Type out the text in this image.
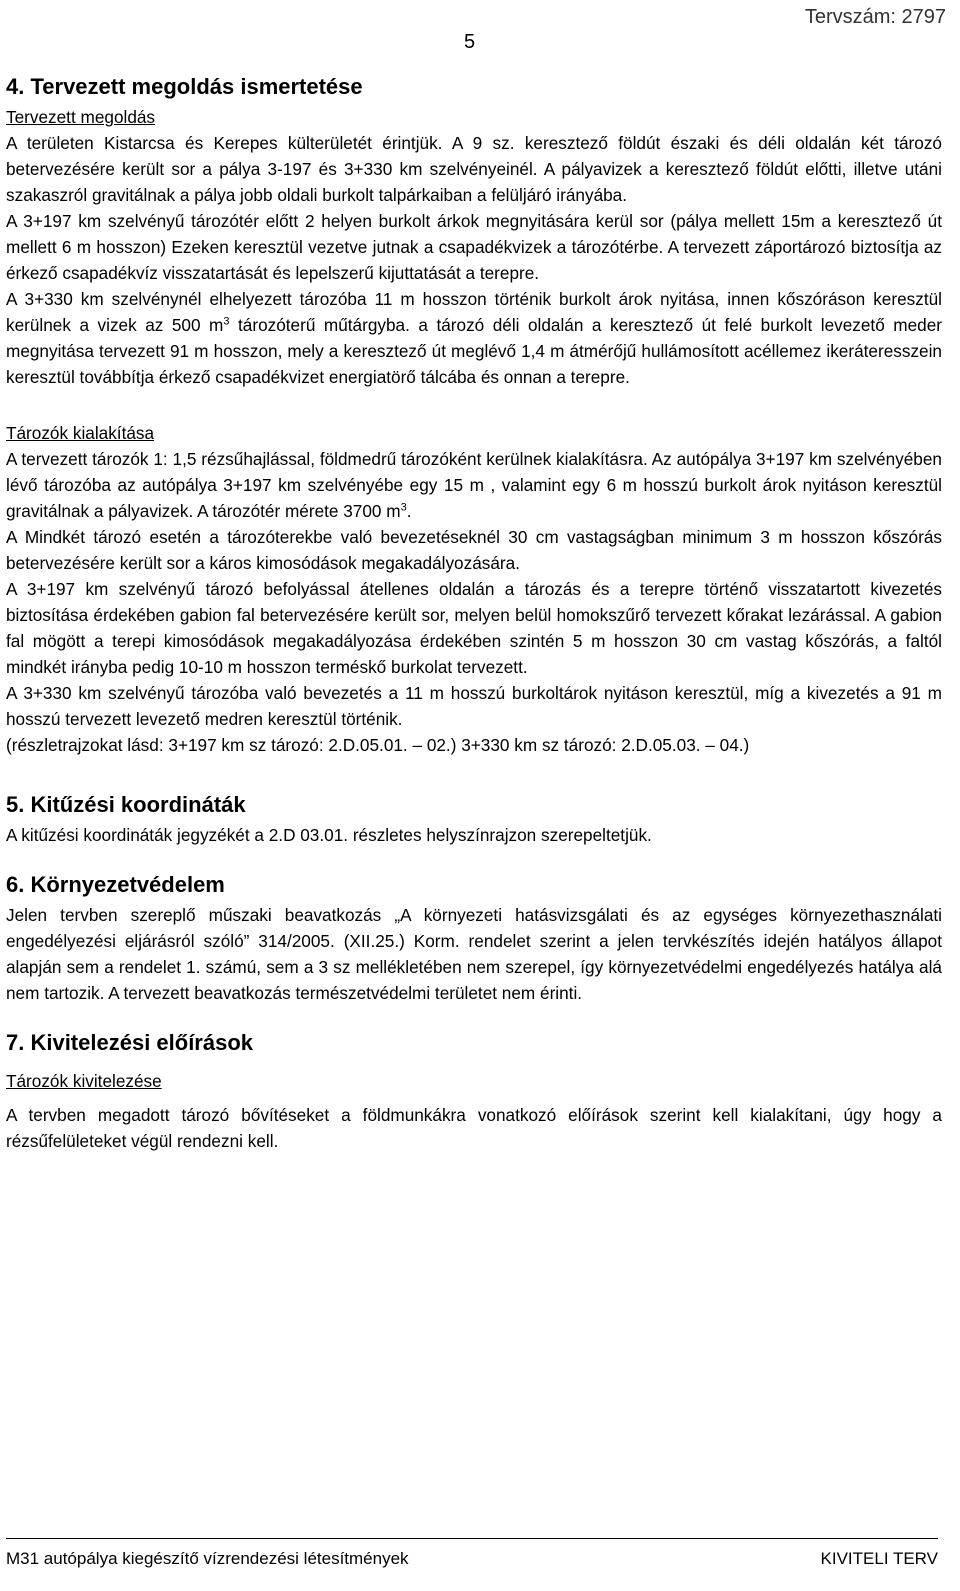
Tervszám: 2797
5
4. Tervezett megoldás ismertetése

Tervezett megoldás

A területen Kistarcsa és Kerepes külterületét érintjük. A 9 sz. keresztező földút északi és déli oldalán két tározó betervezésére került sor a pálya 3-197 és 3+330 km szelvényeinél. A pályavizek a keresztező földút előtti, illetve utáni szakaszról gravitálnak a pálya jobb oldali burkolt talpárkaiban a felüljáró irányába.

A 3+197 km szelvényű tározótér előtt 2 helyen burkolt árkok megnyitására kerül sor (pálya mellett 15m a keresztező út mellett 6 m hosszon) Ezeken keresztül vezetve jutnak a csapadékvizek a tározótérbe. A tervezett záportározó biztosítja az érkező csapadékvíz visszatartását és lepelszerű kijuttatását a terepre.

A 3+330 km szelvénynél elhelyezett tározóba 11 m hosszon történik burkolt árok nyitása, innen kőszóráson keresztül kerülnek a vizek az 500 $m^3$ tározóterű műtárgyba. a tározó déli oldalán a keresztező út felé burkolt levezető meder megnyitása tervezett 91 m hosszon, mely a keresztező út meglévő 1,4 m átmérőjű hullámosított acéllemez ikeráteresszein keresztül továbbítja érkező csapadékvizet energiatörő tálcába és onnan a terepre.

Tározók kialakítása

A tervezett tározók 1: 1,5 rézsűhajlással, földmedrű tározóként kerülnek kialakításra. Az autópálya 3+197 km szelvényében lévő tározóba az autópálya 3+197 km szelvényébe egy 15 m , valamint egy 6 m hosszú burkolt árok nyitáson keresztül gravitálnak a pályavizek. A tározótér mérete 3700 $m^3$.

A Mindkét tározó esetén a tározóterekbe való bevezetéseknél 30 cm vastagságban minimum 3 m hosszon kőszórás betervezésére került sor a káros kimosódások megakadályozására.

A 3+197 km szelvényű tározó befolyással átellenes oldalán a tározás és a terepre történő visszatartott kivezetés biztosítása érdekében gabion fal betervezésére került sor, melyen belül homokszűrő tervezett kőrakat lezárással. A gabion fal mögött a terepi kimosódások megakadályozása érdekében szintén 5 m hosszon 30 cm vastag kőszórás, a faltól mindkét irányba pedig 10-10 m hosszon terméskő burkolat tervezett.

A 3+330 km szelvényű tározóba való bevezetés a 11 m hosszú burkoltárok nyitáson keresztül, míg a kivezetés a 91 m hosszú tervezett levezető medren keresztül történik.

(részletrajzokat lásd: 3+197 km sz tározó: 2.D.05.01. – 02.) 3+330 km sz tározó: 2.D.05.03. – 04.)

5. Kitűzési koordináták

A kitűzési koordináták jegyzékét a 2.D 03.01. részletes helyszínrajzon szerepeltetjük.

6. Környezetvédelem

Jelen tervben szereplő műszaki beavatkozás „A környezeti hatásvizsgálati és az egységes környezethasználati engedélyezési eljárásról szóló” 314/2005. (XII.25.) Korm. rendelet szerint a jelen tervkészítés idején hatályos állapot alapján sem a rendelet 1. számú, sem a 3 sz mellékletében nem szerepel, így környezetvédelmi engedélyezés hatálya alá nem tartozik. A tervezett beavatkozás természetvédelmi területet nem érinti.

7. Kivitelezési előírások

Tározók kivitelezése

A tervben megadott tározó bővítéseket a földmunkákra vonatkozó előírások szerint kell kialakítani, úgy hogy a rézsűfelületeket végül rendezni kell.

M31 autópálya kiegészítő vízrendezési létesítmények	KIVITELI TERV
